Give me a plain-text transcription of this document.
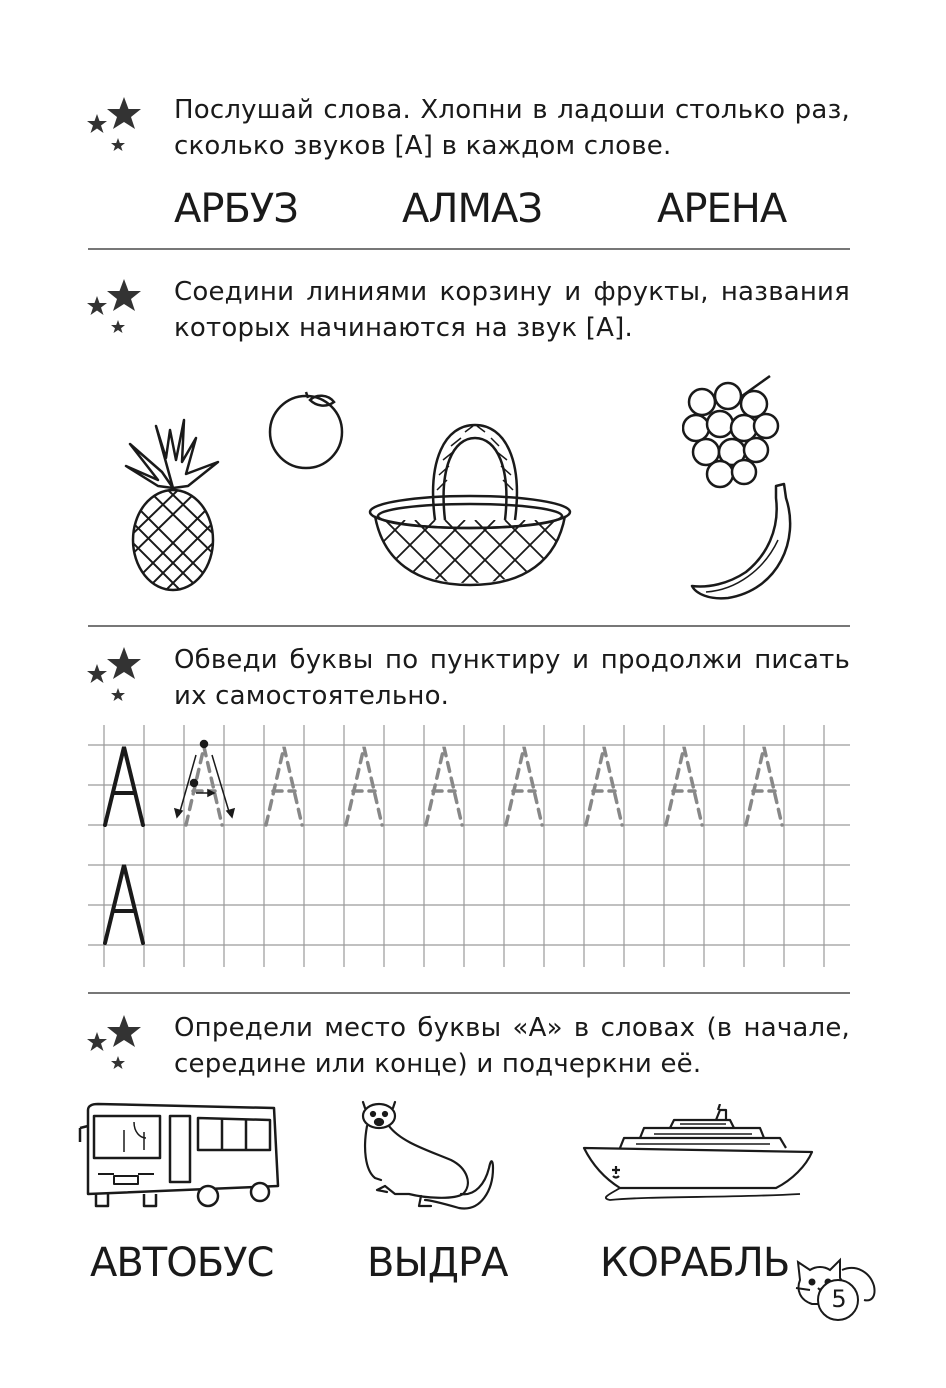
Послушай слова. Хлопни в ладоши столько раз,
сколько звуков [А] в каждом слове.
АРБУЗ	АЛМАЗ	АРЕНА
Соедини линиями корзину и фрукты, названия
которых начинаются на звук [А].
Обведи буквы по пунктиру и продолжи писать
их самостоятельно.
Определи место буквы «А» в словах (в начале,
середине или конце) и подчеркни её.
АВТОБУС ВЫДРА КОРАБЛЬ
5
